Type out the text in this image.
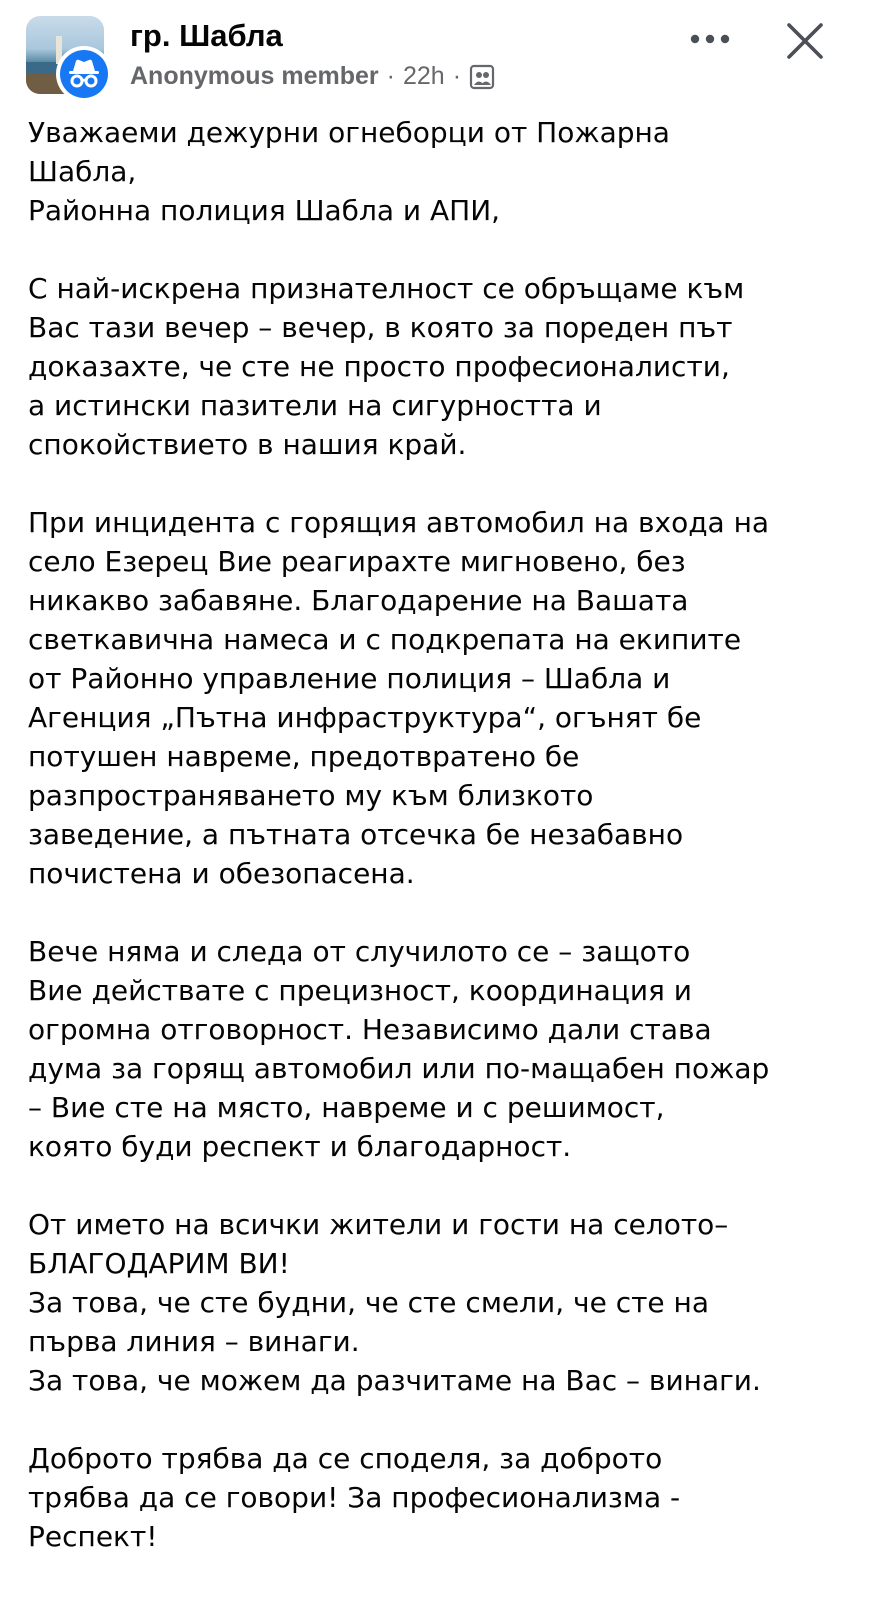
гр. Шабла
Anonymous member · 22h ·

Уважаеми дежурни огнеборци от Пожарна
Шабла,
Районна полиция Шабла и АПИ,

С най-искрена признателност се обръщаме към
Вас тази вечер – вечер, в която за пореден път
доказахте, че сте не просто професионалисти,
а истински пазители на сигурността и
спокойствието в нашия край.

При инцидента с горящия автомобил на входа на
село Езерец Вие реагирахте мигновено, без
никакво забавяне. Благодарение на Вашата
светкавична намеса и с подкрепата на екипите
от Районно управление полиция – Шабла и
Агенция „Пътна инфраструктура“, огънят бе
потушен навреме, предотвратено бе
разпространяването му към близкото
заведение, а пътната отсечка бе незабавно
почистена и обезопасена.

Вече няма и следа от случилото се – защото
Вие действате с прецизност, координация и
огромна отговорност. Независимо дали става
дума за горящ автомобил или по-мащабен пожар
– Вие сте на място, навреме и с решимост,
която буди респект и благодарност.

От името на всички жители и гости на селото–
БЛАГОДАРИМ ВИ!
За това, че сте будни, че сте смели, че сте на
първа линия – винаги.
За това, че можем да разчитаме на Вас – винаги.

Доброто трябва да се споделя, за доброто
трябва да се говори! За професионализма -
Респект!
